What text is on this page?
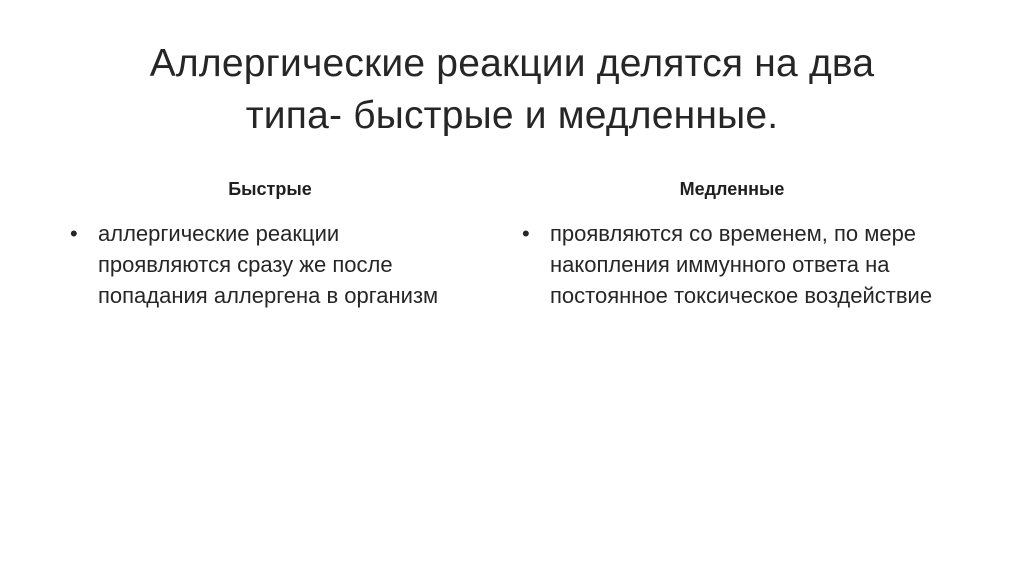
Аллергические реакции делятся на два
типа- быстрые и медленные.
Быстрые
• аллергические реакции проявляются сразу же после попадания аллергена в организм
Медленные
• проявляются со временем, по мере накопления иммунного ответа на постоянное токсическое воздействие
